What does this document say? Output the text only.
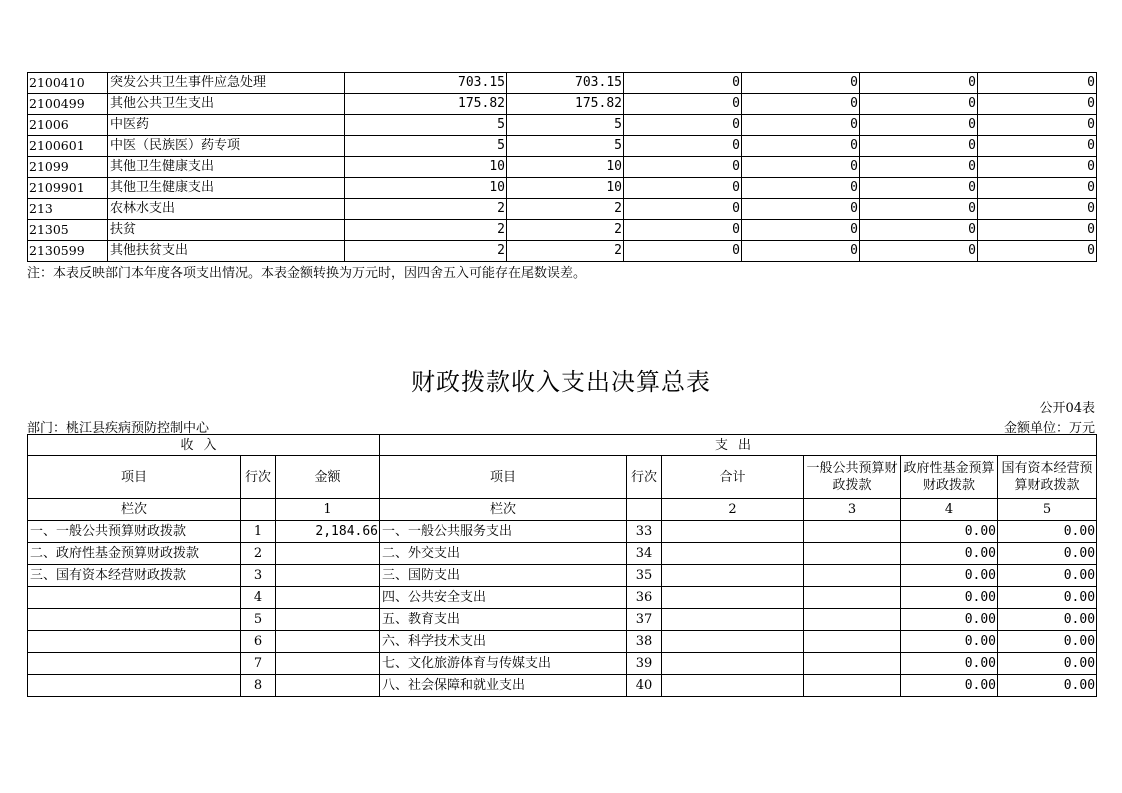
2100410	突发公共卫生事件应急处理	703.15	703.15	0	0	0	0
2100499	其他公共卫生支出	175.82	175.82	0	0	0	0
21006	中医药	5	5	0	0	0	0
2100601	中医（民族医）药专项	5	5	0	0	0	0
21099	其他卫生健康支出	10	10	0	0	0	0
2109901	其他卫生健康支出	10	10	0	0	0	0
213	农林水支出	2	2	0	0	0	0
21305	扶贫	2	2	0	0	0	0
2130599	其他扶贫支出	2	2	0	0	0	0
注：本表反映部门本年度各项支出情况。本表金额转换为万元时，因四舍五入可能存在尾数误差。
财政拨款收入支出决算总表
公开04表
部门：桃江县疾病预防控制中心	金额单位：万元
收入			支出					
项目	行次	金额	项目	行次	合计	一般公共预算财政拨款	政府性基金预算财政拨款	国有资本经营预算财政拨款
栏次		1	栏次		2	3	4	5
一、一般公共预算财政拨款	1	2,184.66	一、一般公共服务支出	33			0.00	0.00
二、政府性基金预算财政拨款	2		二、外交支出	34			0.00	0.00
三、国有资本经营财政拨款	3		三、国防支出	35			0.00	0.00
	4		四、公共安全支出	36			0.00	0.00
	5		五、教育支出	37			0.00	0.00
	6		六、科学技术支出	38			0.00	0.00
	7		七、文化旅游体育与传媒支出	39			0.00	0.00
	8		八、社会保障和就业支出	40			0.00	0.00
